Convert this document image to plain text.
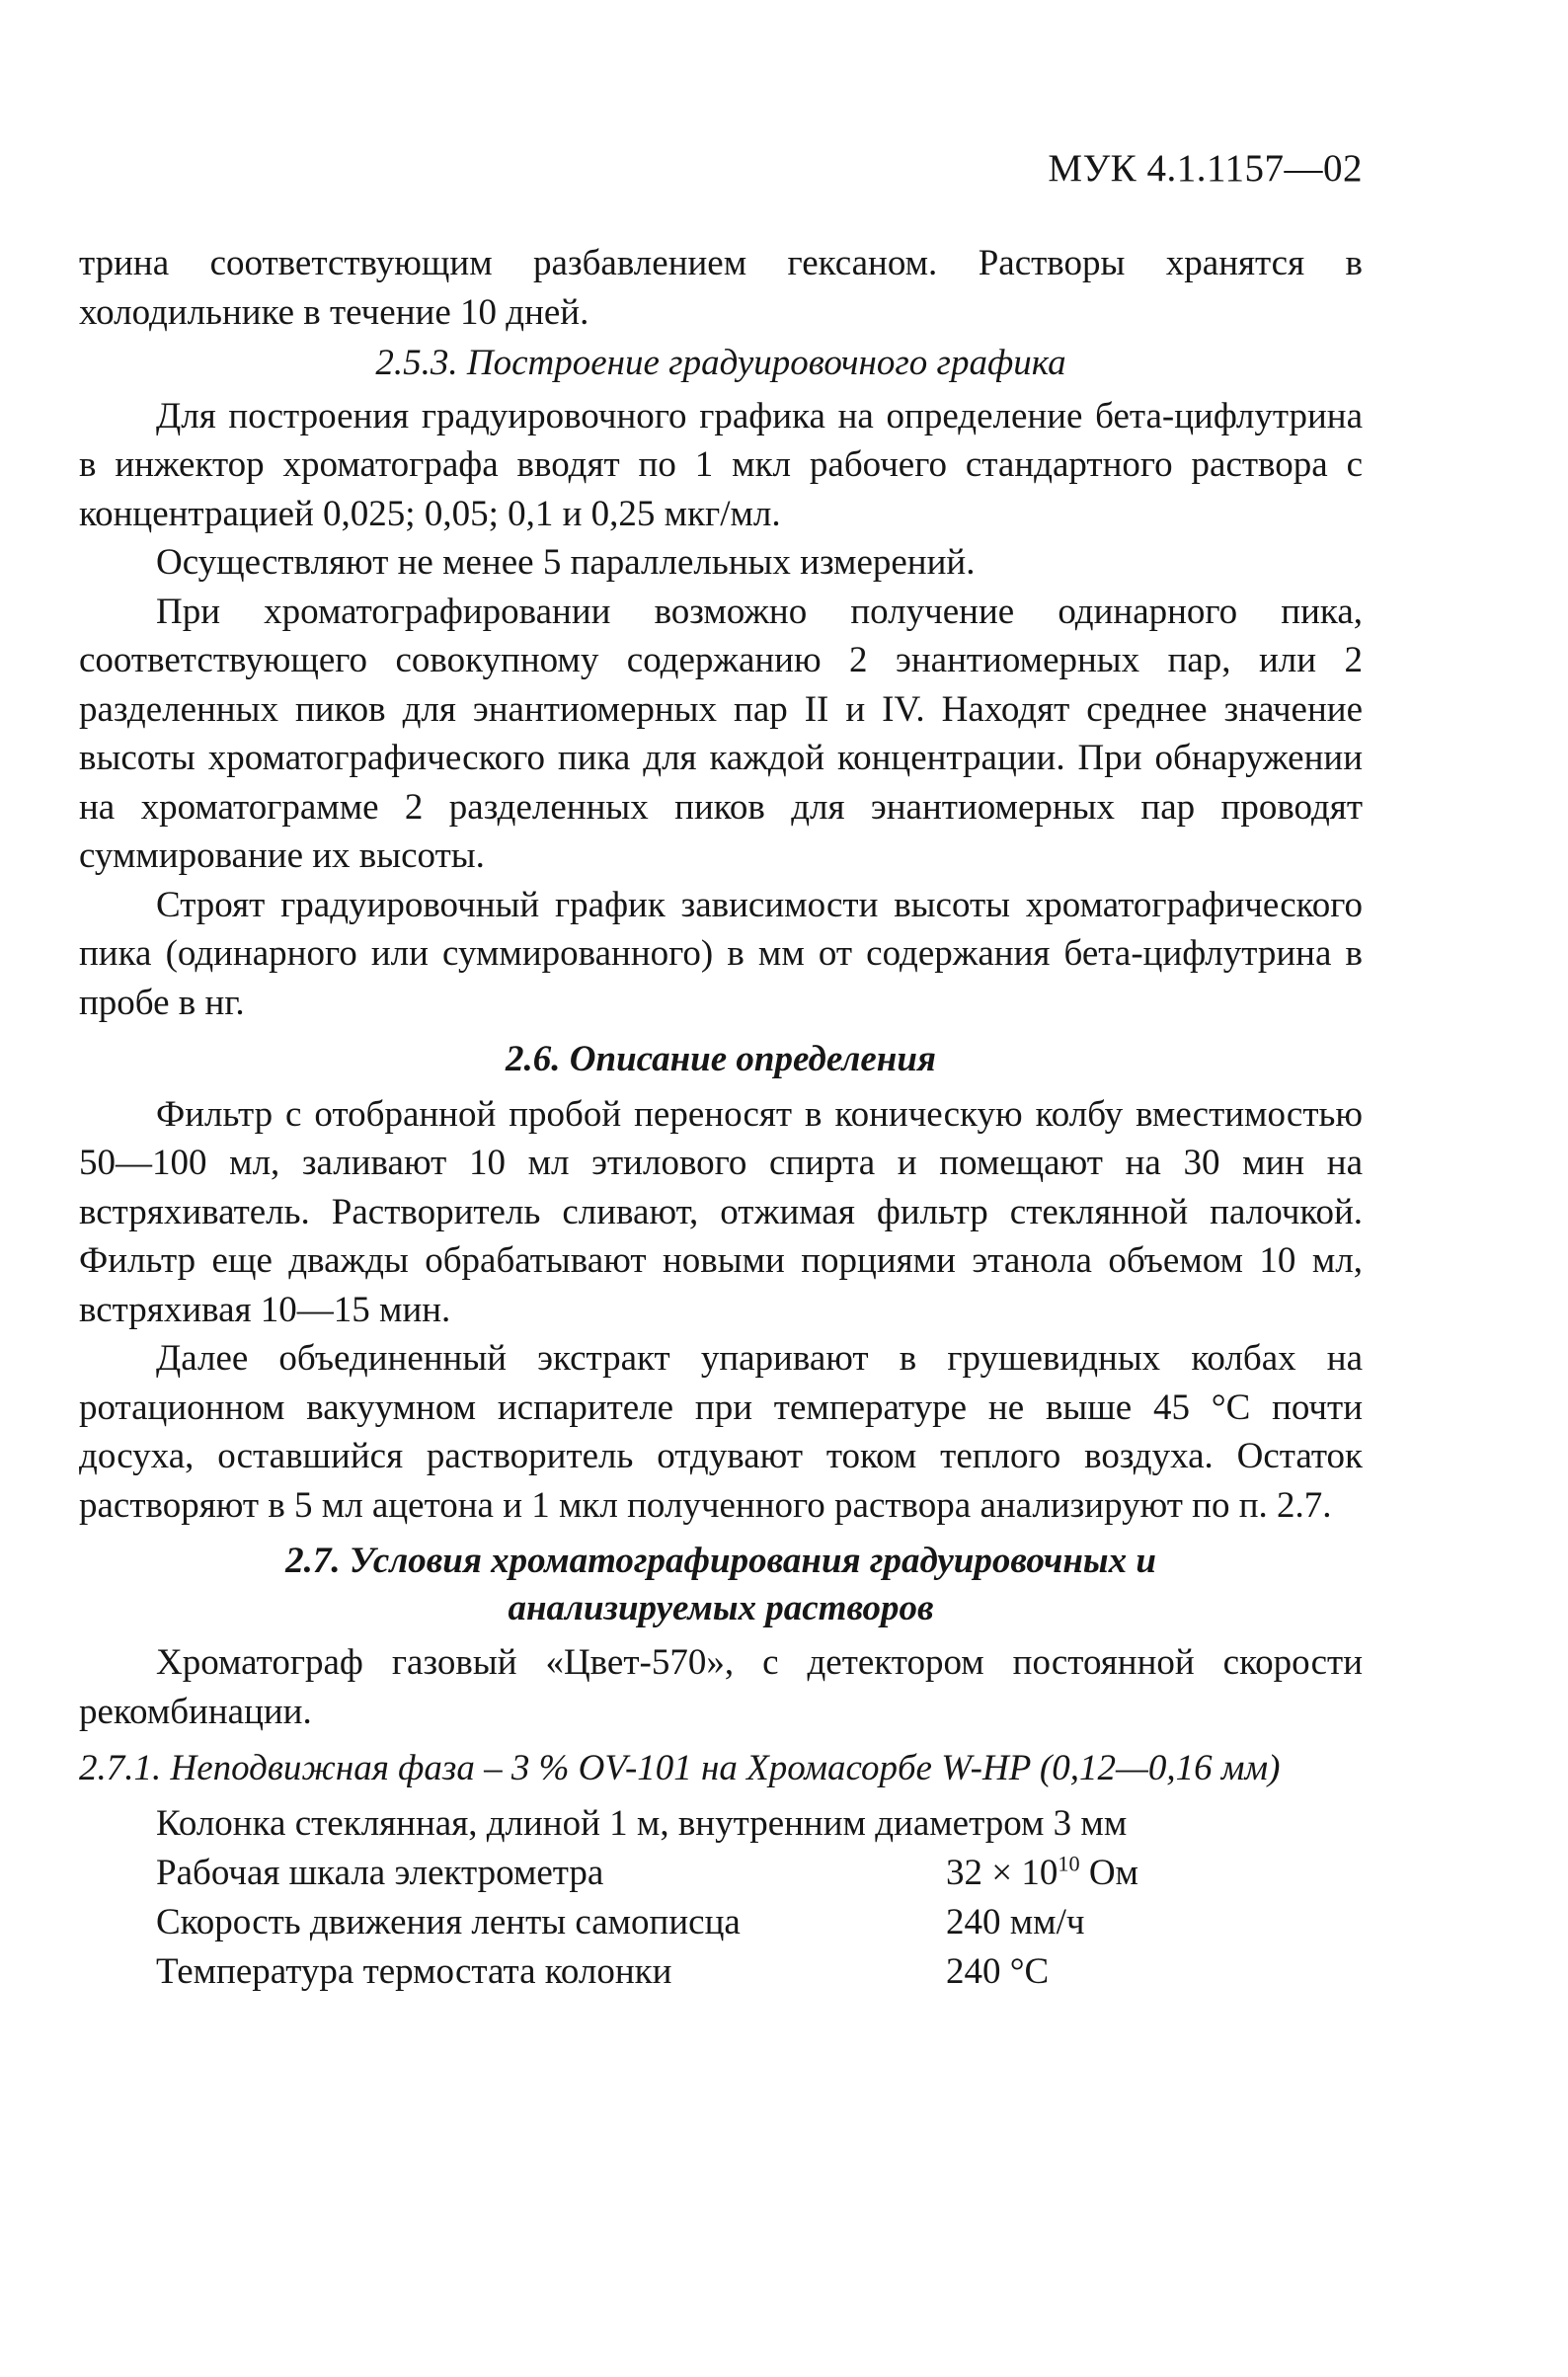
МУК 4.1.1157—02

трина соответствующим разбавлением гексаном. Растворы хранятся в холодильнике в течение 10 дней.

2.5.3. Построение градуировочного графика

Для построения градуировочного графика на определение бета-цифлутрина в инжектор хроматографа вводят по 1 мкл рабочего стандартного раствора с концентрацией 0,025; 0,05; 0,1 и 0,25 мкг/мл.

Осуществляют не менее 5 параллельных измерений.

При хроматографировании возможно получение одинарного пика, соответствующего совокупному содержанию 2 энантиомерных пар, или 2 разделенных пиков для энантиомерных пар II и IV. Находят среднее значение высоты хроматографического пика для каждой концентрации. При обнаружении на хроматограмме 2 разделенных пиков для энантиомерных пар проводят суммирование их высоты.

Строят градуировочный график зависимости высоты хроматографического пика (одинарного или суммированного) в мм от содержания бета-цифлутрина в пробе в нг.

2.6. Описание определения

Фильтр с отобранной пробой переносят в коническую колбу вместимостью 50—100 мл, заливают 10 мл этилового спирта и помещают на 30 мин на встряхиватель. Растворитель сливают, отжимая фильтр стеклянной палочкой. Фильтр еще дважды обрабатывают новыми порциями этанола объемом 10 мл, встряхивая 10—15 мин.

Далее объединенный экстракт упаривают в грушевидных колбах на ротационном вакуумном испарителе при температуре не выше 45 °С почти досуха, оставшийся растворитель отдувают током теплого воздуха. Остаток растворяют в 5 мл ацетона и 1 мкл полученного раствора анализируют по п. 2.7.

2.7. Условия хроматографирования градуировочных и
анализируемых растворов

Хроматограф газовый «Цвет-570», с детектором постоянной скорости рекомбинации.

2.7.1. Неподвижная фаза – 3 % OV-101 на Хромасорбе W-HP (0,12—0,16 мм)
Колонка стеклянная, длиной 1 м, внутренним диаметром 3 мм
Рабочая шкала электрометра	$32 \times 10^{10}$ Ом
Скорость движения ленты самописца	240 мм/ч
Температура термостата колонки	240 °С
